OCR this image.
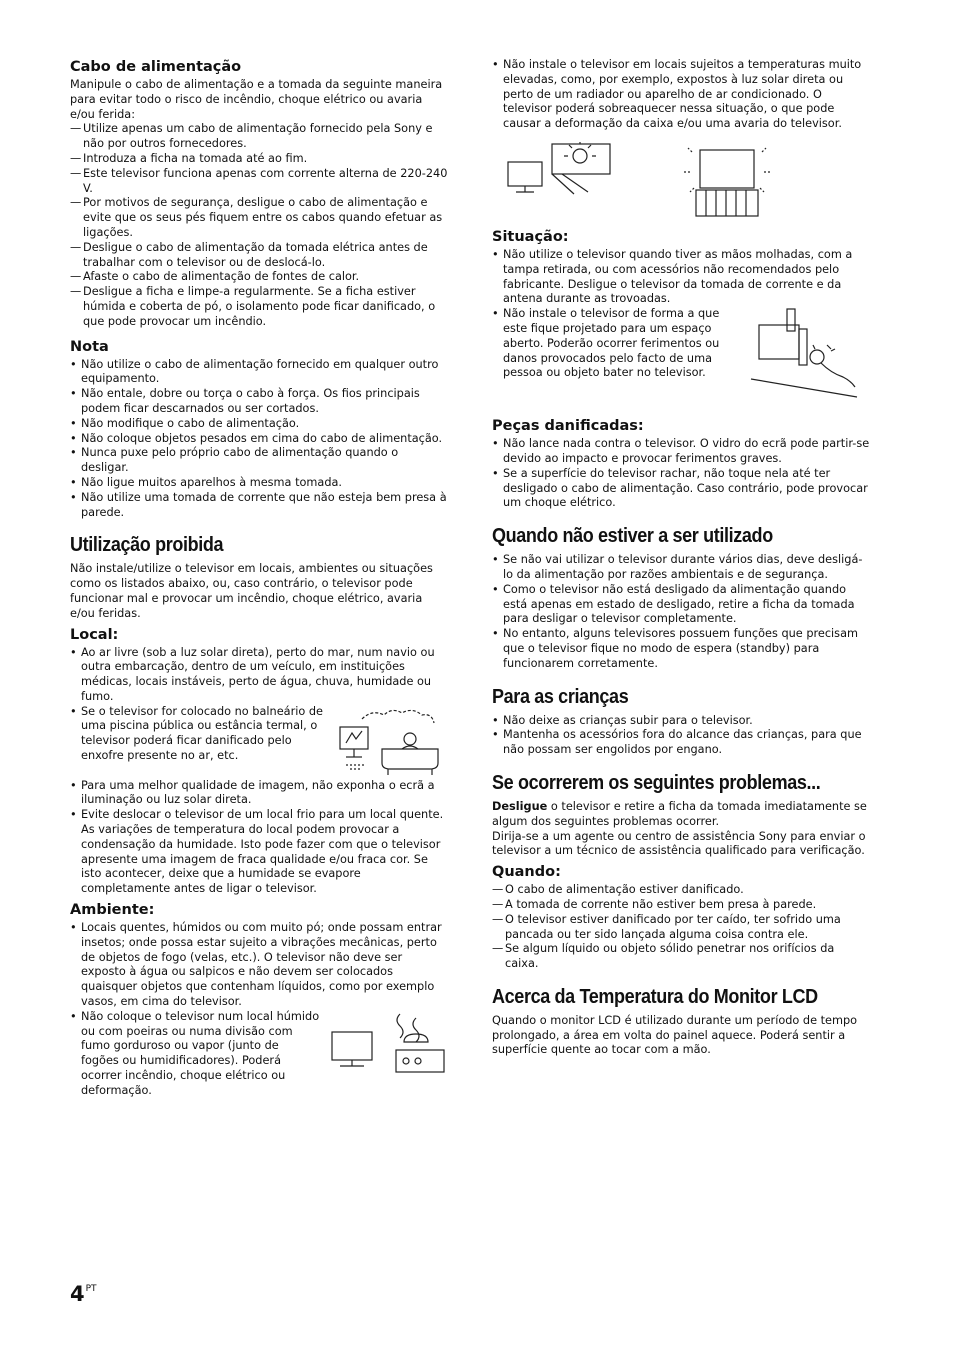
Cabo de alimentação

Manipule o cabo de alimentação e a tomada da seguinte maneira para evitar todo o risco de incêndio, choque elétrico ou avaria e/ou ferida:

— Utilize apenas um cabo de alimentação fornecido pela Sony e não por outros fornecedores.
— Introduza a ficha na tomada até ao fim.
— Este televisor funciona apenas com corrente alterna de 220-240 V.
— Por motivos de segurança, desligue o cabo de alimentação e evite que os seus pés fiquem entre os cabos quando efetuar as ligações.
— Desligue o cabo de alimentação da tomada elétrica antes de trabalhar com o televisor ou de deslocá-lo.
— Afaste o cabo de alimentação de fontes de calor.
— Desligue a ficha e limpe-a regularmente. Se a ficha estiver húmida e coberta de pó, o isolamento pode ficar danificado, o que pode provocar um incêndio.
Nota
• Não utilize o cabo de alimentação fornecido em qualquer outro equipamento.
• Não entale, dobre ou torça o cabo à força. Os fios principais podem ficar descarnados ou ser cortados.
• Não modifique o cabo de alimentação.
• Não coloque objetos pesados em cima do cabo de alimentação.
• Nunca puxe pelo próprio cabo de alimentação quando o desligar.
• Não ligue muitos aparelhos à mesma tomada.
• Não utilize uma tomada de corrente que não esteja bem presa à parede.
Utilização proibida

Não instale/utilize o televisor em locais, ambientes ou situações como os listados abaixo, ou, caso contrário, o televisor pode funcionar mal e provocar um incêndio, choque elétrico, avaria e/ou feridas.

Local:
• Ao ar livre (sob a luz solar direta), perto do mar, num navio ou outra embarcação, dentro de um veículo, em instituições médicas, locais instáveis, perto de água, chuva, humidade ou fumo.
• Se o televisor for colocado no balneário de uma piscina pública ou estância termal, o televisor poderá ficar danificado pelo enxofre presente no ar, etc.
• Para uma melhor qualidade de imagem, não exponha o ecrã a iluminação ou luz solar direta.
• Evite deslocar o televisor de um local frio para um local quente. As variações de temperatura do local podem provocar a condensação da humidade. Isto pode fazer com que o televisor apresente uma imagem de fraca qualidade e/ou fraca cor. Se isto acontecer, deixe que a humidade se evapore completamente antes de ligar o televisor.
Ambiente:
• Locais quentes, húmidos ou com muito pó; onde possam entrar insetos; onde possa estar sujeito a vibrações mecânicas, perto de objetos de fogo (velas, etc.). O televisor não deve ser exposto à água ou salpicos e não devem ser colocados quaisquer objetos que contenham líquidos, como por exemplo vasos, em cima do televisor.
• Não coloque o televisor num local húmido ou com poeiras ou numa divisão com fumo gorduroso ou vapor (junto de fogões ou humidificadores). Poderá ocorrer incêndio, choque elétrico ou deformação.
• Não instale o televisor em locais sujeitos a temperaturas muito elevadas, como, por exemplo, expostos à luz solar direta ou perto de um radiador ou aparelho de ar condicionado. O televisor poderá sobreaquecer nessa situação, o que pode causar a deformação da caixa e/ou uma avaria do televisor.
Situação:
• Não utilize o televisor quando tiver as mãos molhadas, com a tampa retirada, ou com acessórios não recomendados pelo fabricante. Desligue o televisor da tomada de corrente e da antena durante as trovoadas.
• Não instale o televisor de forma a que este fique projetado para um espaço aberto. Poderão ocorrer ferimentos ou danos provocados pelo facto de uma pessoa ou objeto bater no televisor.
Peças danificadas:
• Não lance nada contra o televisor. O vidro do ecrã pode partir-se devido ao impacto e provocar ferimentos graves.
• Se a superfície do televisor rachar, não toque nela até ter desligado o cabo de alimentação. Caso contrário, pode provocar um choque elétrico.
Quando não estiver a ser utilizado
• Se não vai utilizar o televisor durante vários dias, deve desligá-lo da alimentação por razões ambientais e de segurança.
• Como o televisor não está desligado da alimentação quando está apenas em estado de desligado, retire a ficha da tomada para desligar o televisor completamente.
• No entanto, alguns televisores possuem funções que precisam que o televisor fique no modo de espera (standby) para funcionarem corretamente.
Para as crianças
• Não deixe as crianças subir para o televisor.
• Mantenha os acessórios fora do alcance das crianças, para que não possam ser engolidos por engano.
Se ocorrerem os seguintes problemas...

Desligue o televisor e retire a ficha da tomada imediatamente se algum dos seguintes problemas ocorrer.

Dirija-se a um agente ou centro de assistência Sony para enviar o televisor a um técnico de assistência qualificado para verificação.

Quando:
— O cabo de alimentação estiver danificado.
— A tomada de corrente não estiver bem presa à parede.
— O televisor estiver danificado por ter caído, ter sofrido uma pancada ou ter sido lançada alguma coisa contra ele.
— Se algum líquido ou objeto sólido penetrar nos orifícios da caixa.
Acerca da Temperatura do Monitor LCD

Quando o monitor LCD é utilizado durante um período de tempo prolongado, a área em volta do painel aquece. Poderá sentir a superfície quente ao tocar com a mão.

$4^{PT}$
